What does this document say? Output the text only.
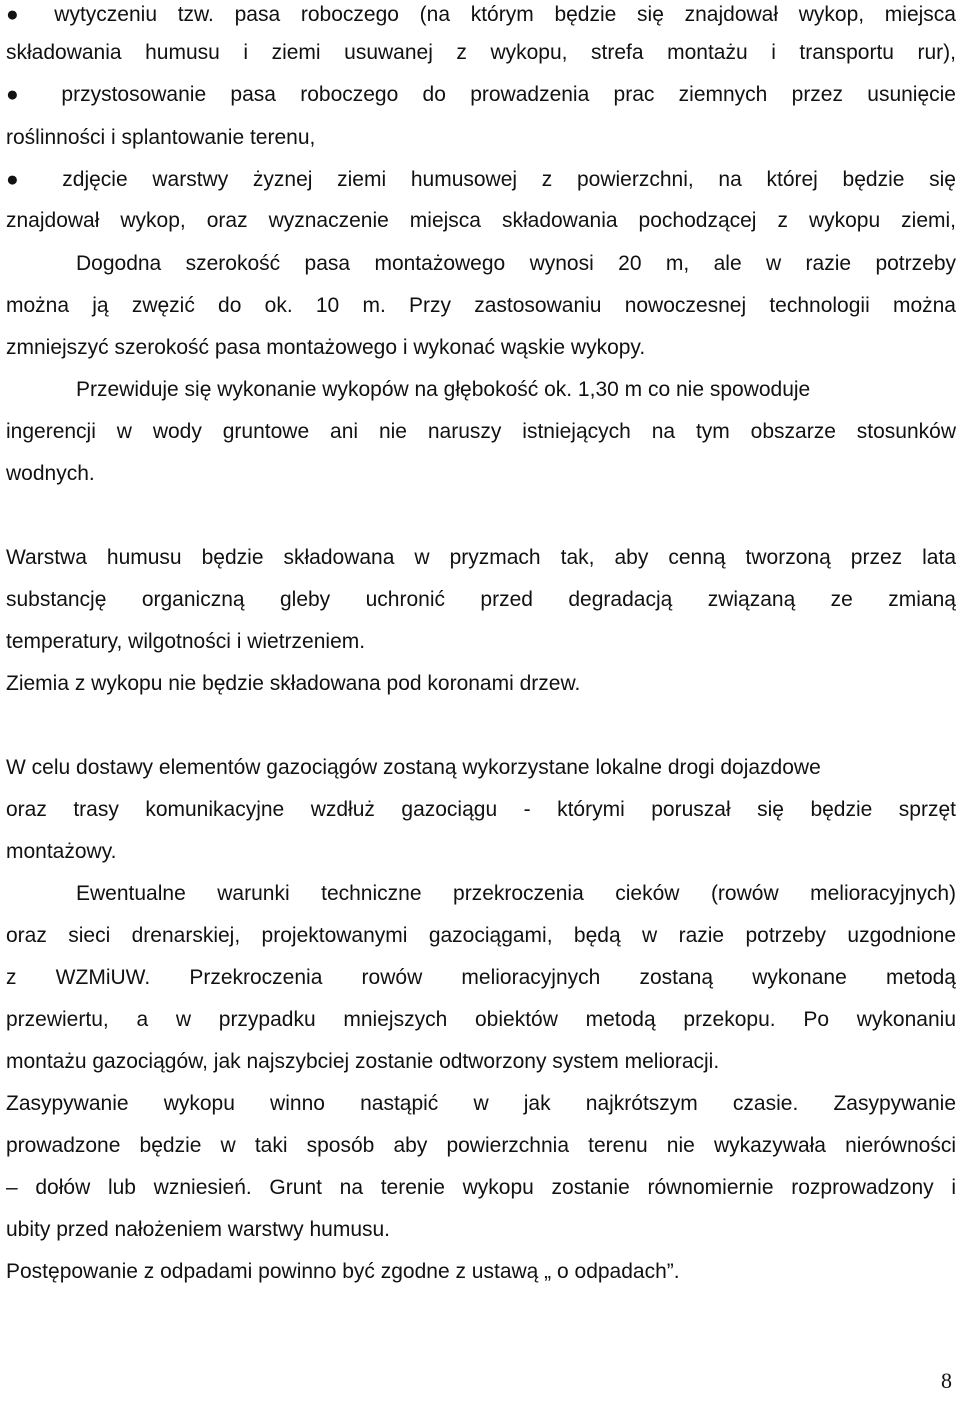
● wytyczeniu tzw. pasa roboczego (na którym będzie się znajdował wykop, miejsca
składowania humusu i ziemi usuwanej z wykopu, strefa montażu i transportu rur),
● przystosowanie pasa roboczego do prowadzenia prac ziemnych przez usunięcie
roślinności i splantowanie terenu,
● zdjęcie warstwy żyznej ziemi humusowej z powierzchni, na której będzie się
znajdował wykop, oraz wyznaczenie miejsca składowania pochodzącej z wykopu ziemi,
Dogodna szerokość pasa montażowego wynosi 20 m, ale w razie potrzeby
można ją zwęzić do ok. 10 m. Przy zastosowaniu nowoczesnej technologii można
zmniejszyć szerokość pasa montażowego i wykonać wąskie wykopy.
Przewiduje się wykonanie wykopów na głębokość ok. 1,30 m co nie spowoduje
ingerencji w wody gruntowe ani nie naruszy istniejących na tym obszarze stosunków
wodnych.
Warstwa humusu będzie składowana w pryzmach tak, aby cenną tworzoną przez lata
substancję organiczną gleby uchronić przed degradacją związaną ze zmianą
temperatury, wilgotności i wietrzeniem.
Ziemia z wykopu nie będzie składowana pod koronami drzew.
W celu dostawy elementów gazociągów zostaną wykorzystane lokalne drogi dojazdowe
oraz trasy komunikacyjne wzdłuż gazociągu - którymi poruszał się będzie sprzęt
montażowy.
Ewentualne warunki techniczne przekroczenia cieków (rowów melioracyjnych)
oraz sieci drenarskiej, projektowanymi gazociągami, będą w razie potrzeby uzgodnione
z WZMiUW. Przekroczenia rowów melioracyjnych zostaną wykonane metodą
przewiertu, a w przypadku mniejszych obiektów metodą przekopu. Po wykonaniu
montażu gazociągów, jak najszybciej zostanie odtworzony system melioracji.
Zasypywanie wykopu winno nastąpić w jak najkrótszym czasie. Zasypywanie
prowadzone będzie w taki sposób aby powierzchnia terenu nie wykazywała nierówności
– dołów lub wzniesień. Grunt na terenie wykopu zostanie równomiernie rozprowadzony i
ubity przed nałożeniem warstwy humusu.
Postępowanie z odpadami powinno być zgodne z ustawą „ o odpadach”.
8
